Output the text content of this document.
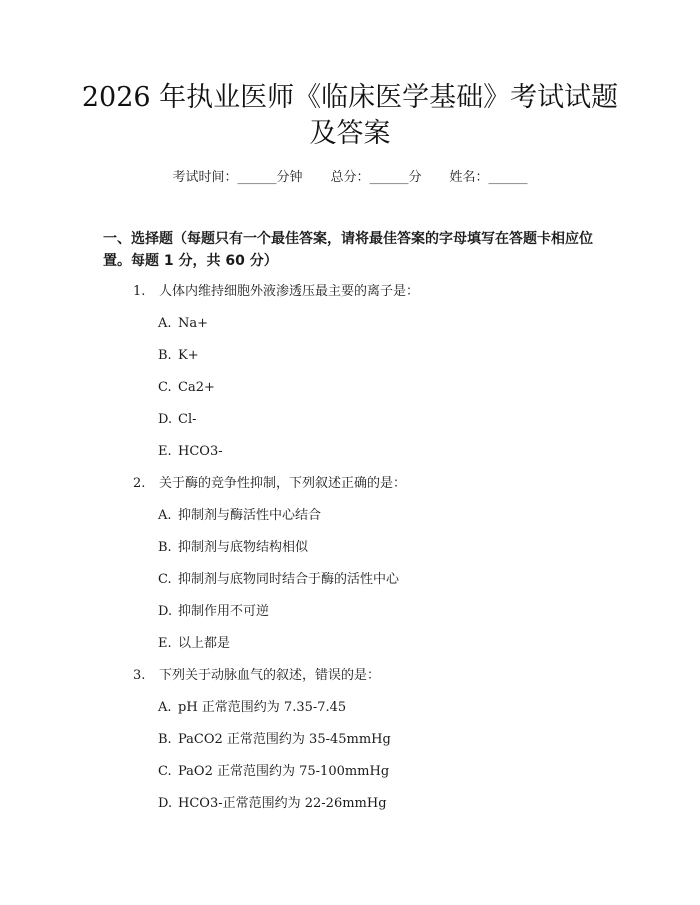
2026 年执业医师《临床医学基础》考试试题
及答案
考试时间：______分钟 总分：______分 姓名：______
一、选择题（每题只有一个最佳答案，请将最佳答案的字母填写在答题卡相应位
置。每题 1 分，共 60 分）
1. 人体内维持细胞外液渗透压最主要的离子是：
A. Na+
B. K+
C. Ca2+
D. Cl-
E. HCO3-
2. 关于酶的竞争性抑制，下列叙述正确的是：
A. 抑制剂与酶活性中心结合
B. 抑制剂与底物结构相似
C. 抑制剂与底物同时结合于酶的活性中心
D. 抑制作用不可逆
E. 以上都是
3. 下列关于动脉血气的叙述，错误的是：
A. pH 正常范围约为 7.35-7.45
B. PaCO2 正常范围约为 35-45mmHg
C. PaO2 正常范围约为 75-100mmHg
D. HCO3-正常范围约为 22-26mmHg
